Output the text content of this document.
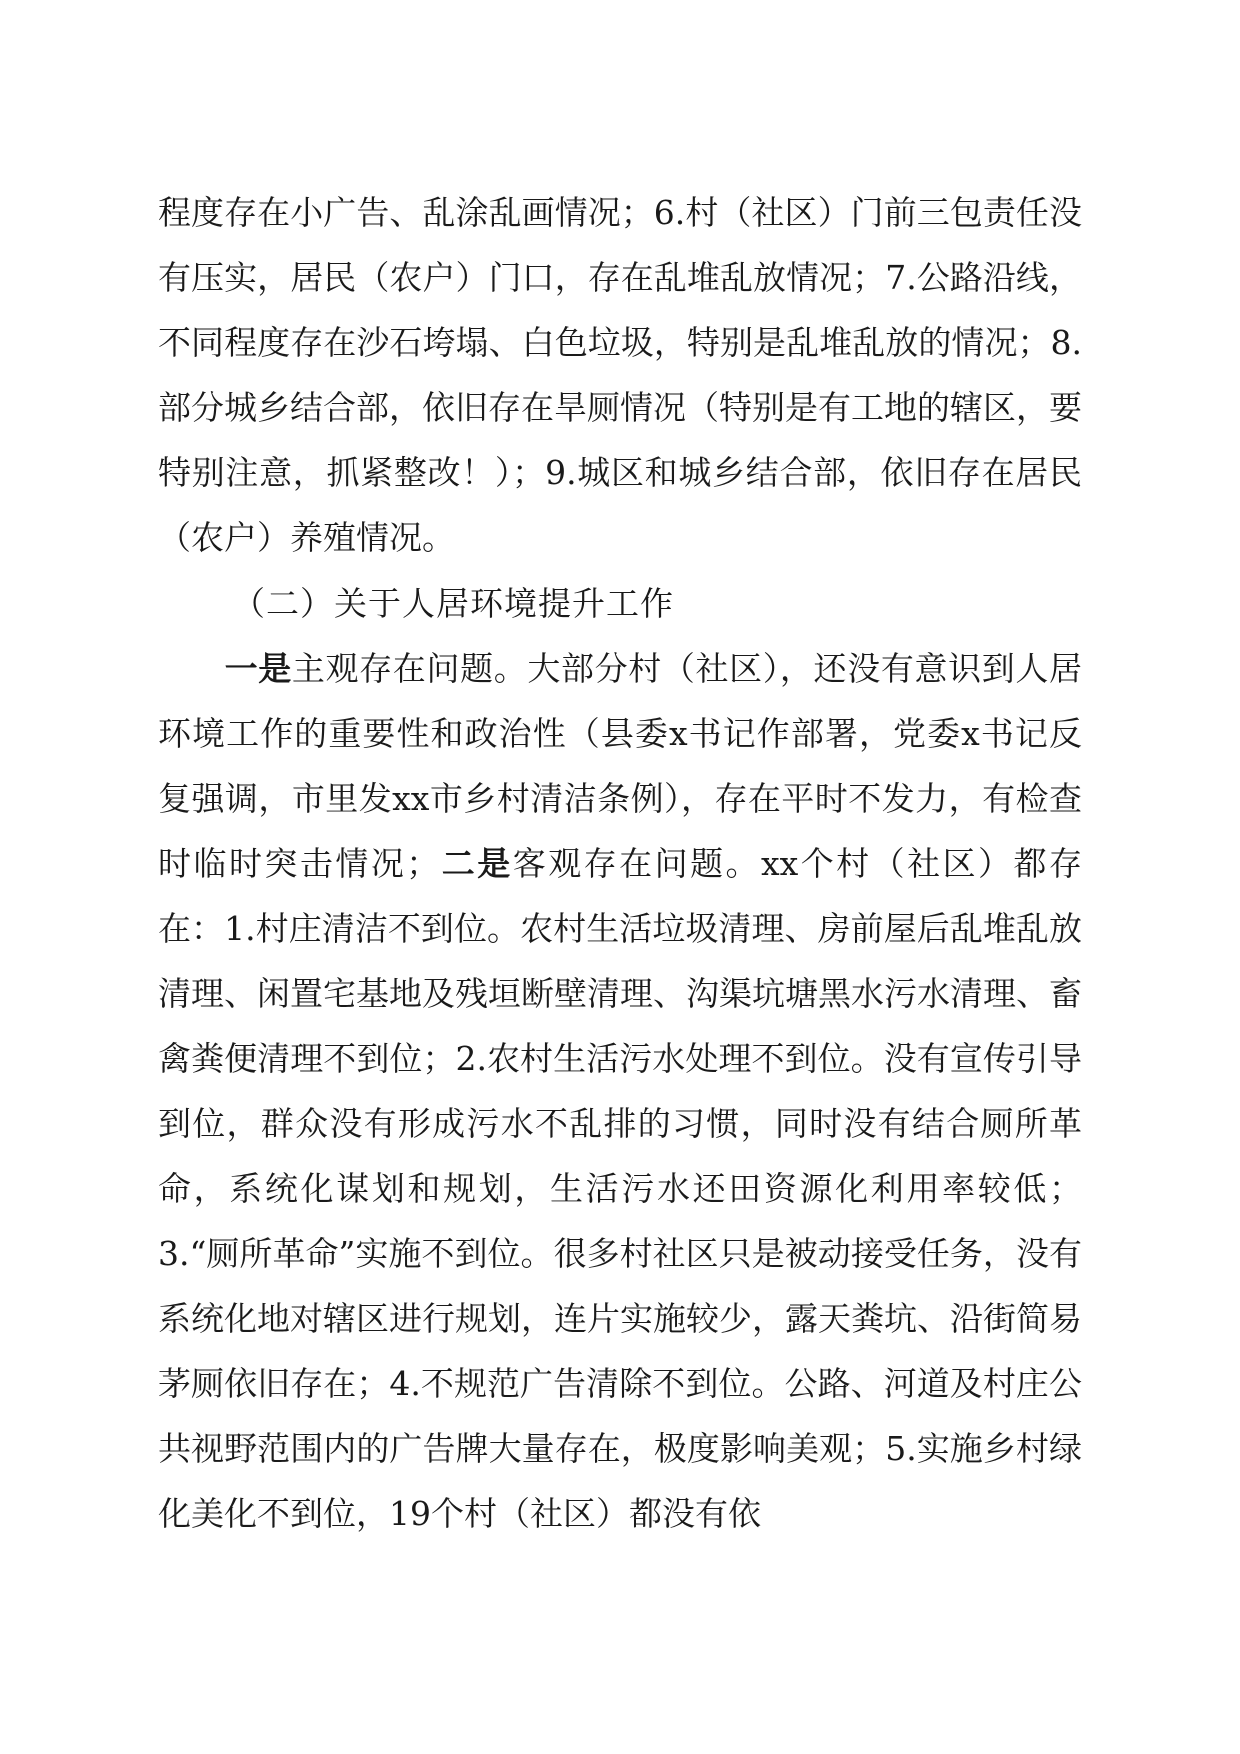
程度存在小广告、乱涂乱画情况；6.村（社区）门前三包责任没有压实，居民（农户）门口，存在乱堆乱放情况；7.公路沿线，不同程度存在沙石垮塌、白色垃圾，特别是乱堆乱放的情况；8.部分城乡结合部，依旧存在旱厕情况（特别是有工地的辖区，要特别注意，抓紧整改！）；9.城区和城乡结合部，依旧存在居民（农户）养殖情况。

（二）关于人居环境提升工作

一是主观存在问题。大部分村（社区），还没有意识到人居环境工作的重要性和政治性（县委x书记作部署，党委x书记反复强调，市里发xx市乡村清洁条例），存在平时不发力，有检查时临时突击情况；二是客观存在问题。xx个村（社区）都存在：1.村庄清洁不到位。农村生活垃圾清理、房前屋后乱堆乱放清理、闲置宅基地及残垣断壁清理、沟渠坑塘黑水污水清理、畜禽粪便清理不到位；2.农村生活污水处理不到位。没有宣传引导到位，群众没有形成污水不乱排的习惯，同时没有结合厕所革命，系统化谋划和规划，生活污水还田资源化利用率较低；3.“厕所革命”实施不到位。很多村社区只是被动接受任务，没有系统化地对辖区进行规划，连片实施较少，露天粪坑、沿街简易茅厕依旧存在；4.不规范广告清除不到位。公路、河道及村庄公共视野范围内的广告牌大量存在，极度影响美观；5.实施乡村绿化美化不到位，19个村（社区）都没有依
